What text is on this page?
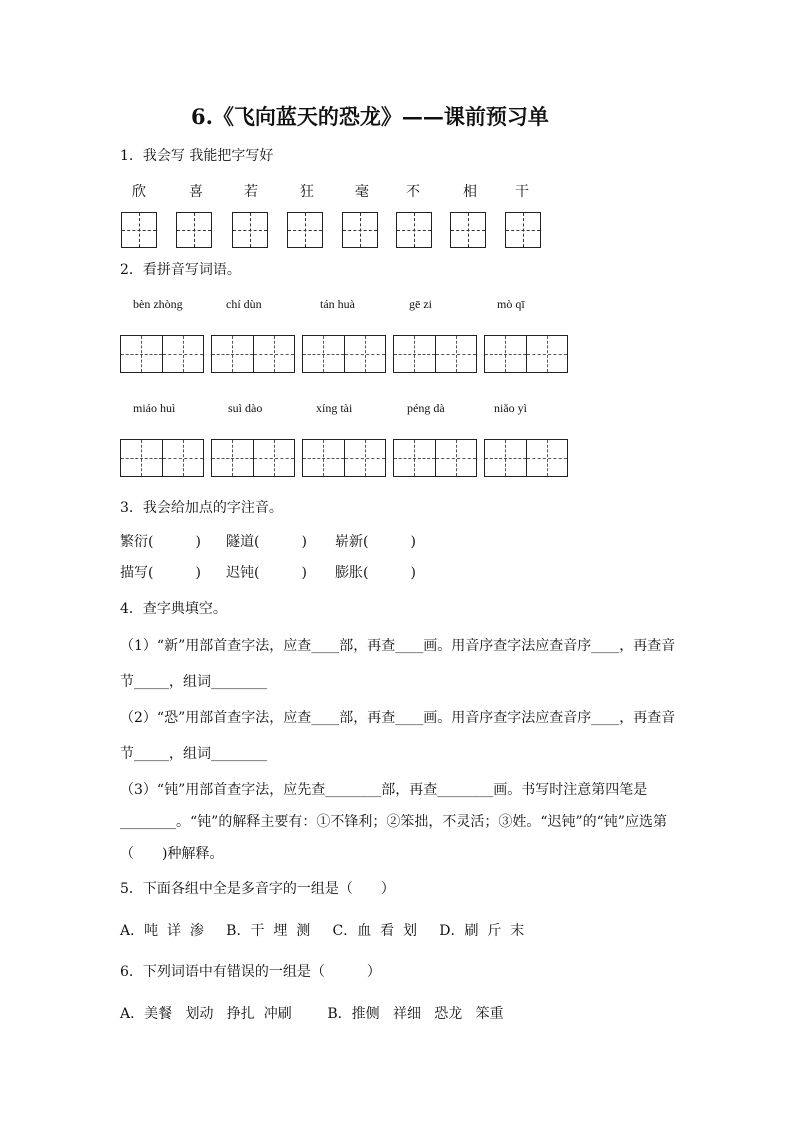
6.《飞向蓝天的恐龙》——课前预习单
1．我会写 我能把字写好
欣	喜	若	狂	毫	不	相	干
2．看拼音写词语。
bèn zhòng	chí dùn	tán huà	gē zi	mò qī
miáo huì	suì dào	xíng tài	péng dà	niǎo yì
3．我会给加点的字注音。
繁衍(　　　) 隧道(　　　) 崭新(　　　)
描写(　　　) 迟钝(　　　) 膨胀(　　　)
4．查字典填空。
（1）“新”用部首查字法，应查____部，再查____画。用音序查字法应查音序____，再查音
节_____，组词________
（2）“恐”用部首查字法，应查____部，再查____画。用音序查字法应查音序____，再查音
节_____，组词________
（3）“钝”用部首查字法，应先查________部，再查________画。书写时注意第四笔是
________。“钝”的解释主要有：①不锋利；②笨拙，不灵活；③姓。“迟钝”的“钝”应选第
（　　)种解释。
5．下面各组中全是多音字的一组是（　　）
A．吨  详  渗     B．干  埋  测     C．血  看  划     D．刷  斤  末
6．下列词语中有错误的一组是（　　　）
A．美餐   划动   挣扎  冲刷        B．推侧   祥细   恐龙   笨重
